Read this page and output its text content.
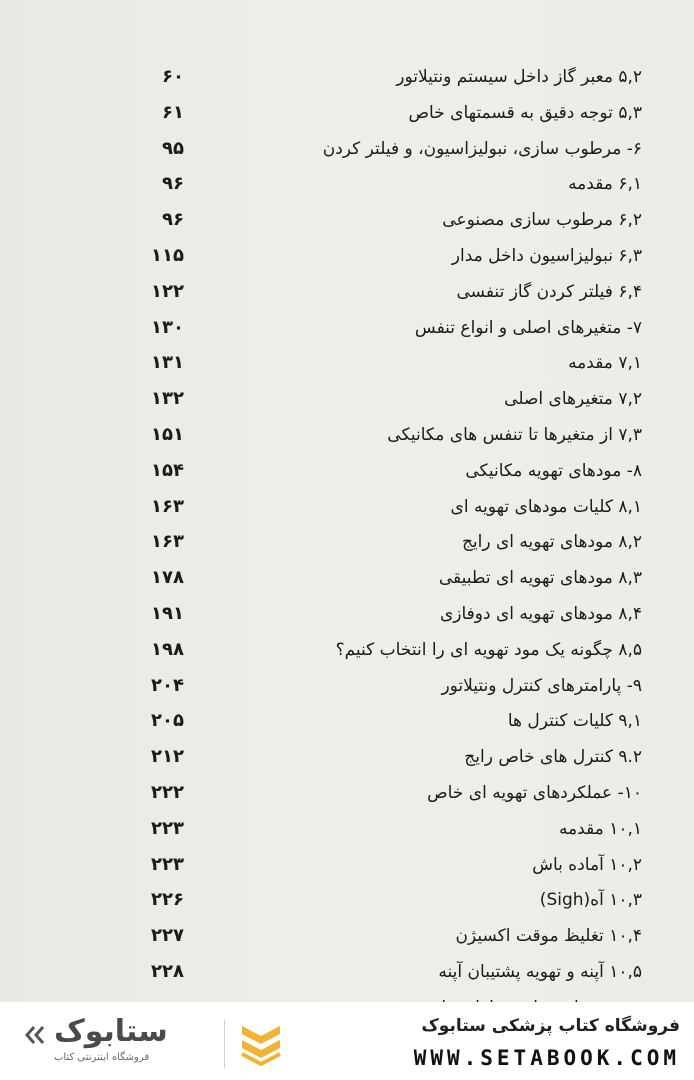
۵,۲ معبر گاز داخل سیستم ونتیلاتور
۶۰
۵,۳ توجه دقیق به قسمتهای خاص
۶۱
۶- مرطوب سازی، نبولیزاسیون، و فیلتر کردن
۹۵
۶,۱ مقدمه
۹۶
۶,۲ مرطوب سازی مصنوعی
۹۶
۶,۳ نبولیزاسیون داخل مدار
۱۱۵
۶,۴ فیلتر کردن گاز تنفسی
۱۲۲
۷- متغیرهای اصلی و انواع تنفس
۱۳۰
۷,۱ مقدمه
۱۳۱
۷,۲ متغیرهای اصلی
۱۳۲
۷,۳ از متغیرها تا تنفس های مکانیکی
۱۵۱
۸- مودهای تهویه مکانیکی
۱۵۴
۸,۱ کلیات مودهای تهویه ای
۱۶۳
۸,۲ مودهای تهویه ای رایج
۱۶۳
۸,۳ مودهای تهویه ای تطبیقی
۱۷۸
۸,۴ مودهای تهویه ای دوفازی
۱۹۱
۸,۵ چگونه یک مود تهویه ای را انتخاب کنیم؟
۱۹۸
۹- پارامترهای کنترل ونتیلاتور
۲۰۴
۹,۱ کلیات کنترل ها
۲۰۵
۹.۲ کنترل های خاص رایج
۲۱۲
۱۰- عملکردهای تهویه ای خاص
۲۲۲
۱۰,۱ مقدمه
۲۲۳
۱۰,۲ آماده باش
۲۲۳
۱۰,۳ آه(Sigh)
۲۲۶
۱۰,۴ تغلیظ موقت اکسیژن
۲۲۷
۱۰,۵ آپنه و تهویه پشتیبان آپنه
۲۲۸
ستابوک
فروشگاه اینترنتی کتاب
فروشگاه کتاب پزشکی ستابوک
WWW.SETABOOK.COM
